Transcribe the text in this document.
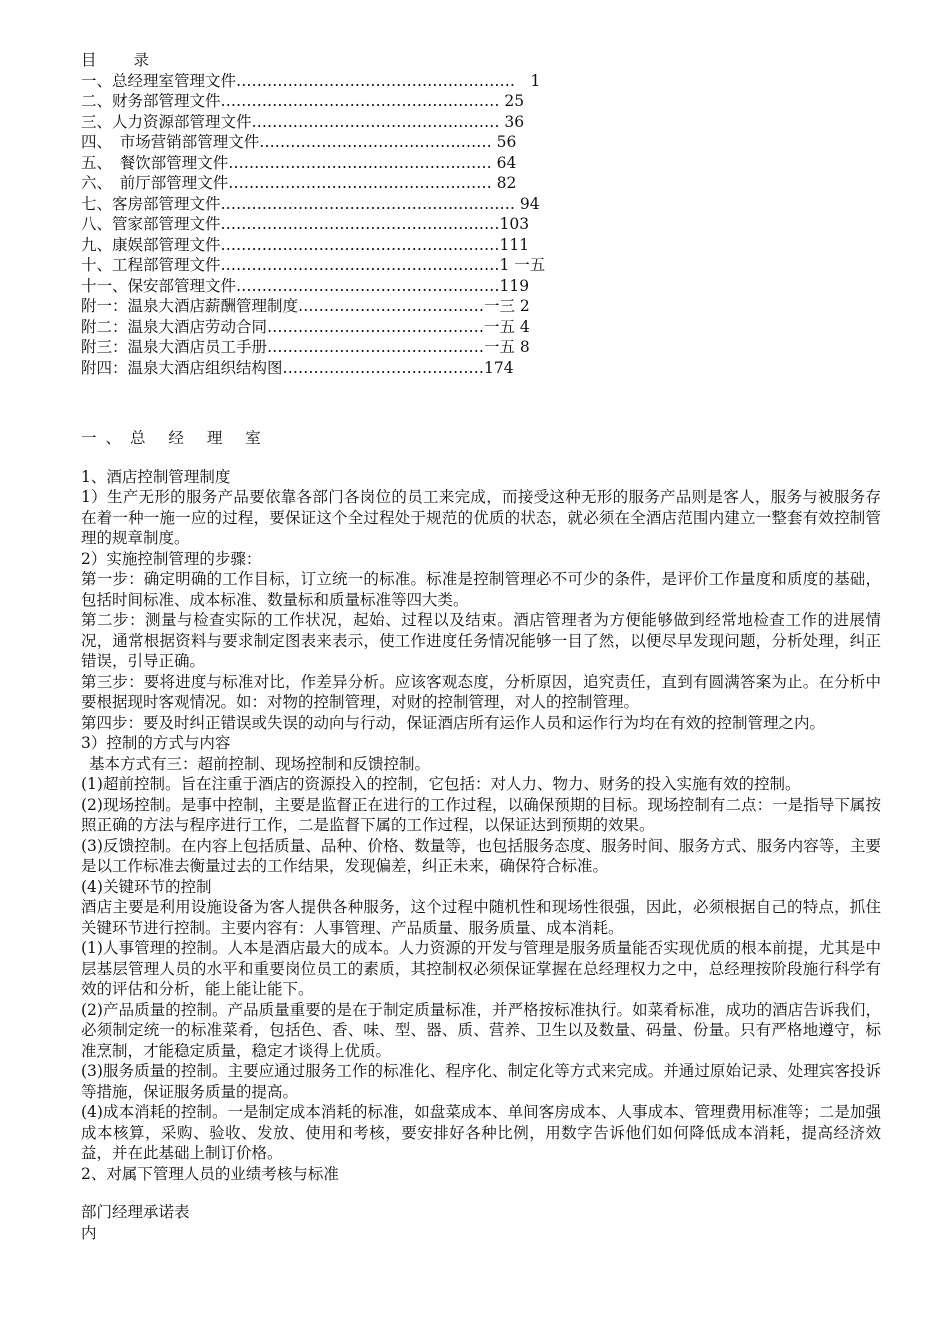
目　　录
一、总经理室管理文件………………………………………………　1
二、财务部管理文件……………………………………………… 25
三、人力资源部管理文件………………………………………… 36
四、　市场营销部管理文件……………………………………… 56
五、　餐饮部管理文件…………………………………………… 64
六、　前厅部管理文件…………………………………………… 82
七、客房部管理文件………………………………………………… 94
八、管家部管理文件………………………………………………103
九、康娱部管理文件………………………………………………111
十、工程部管理文件………………………………………………1 一五
十一、保安部管理文件……………………………………………119
附一：温泉大酒店薪酬管理制度………………………………一三 2
附二：温泉大酒店劳动合同……………………………………一五 4
附三：温泉大酒店员工手册……………………………………一五 8
附四：温泉大酒店组织结构图…………………………………174
一、总 经 理 室

1、酒店控制管理制度

1）生产无形的服务产品要依靠各部门各岗位的员工来完成，而接受这种无形的服务产品则是客人，服务与被服务存在着一种一施一应的过程，要保证这个全过程处于规范的优质的状态，就必须在全酒店范围内建立一整套有效控制管理的规章制度。

2）实施控制管理的步骤：

第一步：确定明确的工作目标，订立统一的标准。标准是控制管理必不可少的条件，是评价工作量度和质度的基础，包括时间标准、成本标准、数量标和质量标准等四大类。

第二步：测量与检查实际的工作状况，起始、过程以及结束。酒店管理者为方便能够做到经常地检查工作的进展情况，通常根据资料与要求制定图表来表示，使工作进度任务情况能够一目了然，以便尽早发现问题，分析处理，纠正错误，引导正确。

第三步：要将进度与标准对比，作差异分析。应该客观态度，分析原因，追究责任，直到有圆满答案为止。在分析中要根据现时客观情况。如：对物的控制管理，对财的控制管理，对人的控制管理。

第四步：要及时纠正错误或失误的动向与行动，保证酒店所有运作人员和运作行为均在有效的控制管理之内。

3）控制的方式与内容

基本方式有三：超前控制、现场控制和反馈控制。

(1)超前控制。旨在注重于酒店的资源投入的控制，它包括：对人力、物力、财务的投入实施有效的控制。

(2)现场控制。是事中控制，主要是监督正在进行的工作过程，以确保预期的目标。现场控制有二点：一是指导下属按照正确的方法与程序进行工作，二是监督下属的工作过程，以保证达到预期的效果。

(3)反馈控制。在内容上包括质量、品种、价格、数量等，也包括服务态度、服务时间、服务方式、服务内容等，主要是以工作标准去衡量过去的工作结果，发现偏差，纠正未来，确保符合标准。

(4)关键环节的控制

酒店主要是利用设施设备为客人提供各种服务，这个过程中随机性和现场性很强，因此，必须根据自己的特点，抓住关键环节进行控制。主要内容有：人事管理、产品质量、服务质量、成本消耗。

(1)人事管理的控制。人本是酒店最大的成本。人力资源的开发与管理是服务质量能否实现优质的根本前提，尤其是中层基层管理人员的水平和重要岗位员工的素质，其控制权必须保证掌握在总经理权力之中，总经理按阶段施行科学有效的评估和分析，能上能让能下。

(2)产品质量的控制。产品质量重要的是在于制定质量标准，并严格按标准执行。如菜肴标准，成功的酒店告诉我们，必须制定统一的标准菜肴，包括色、香、味、型、器、质、营养、卫生以及数量、码量、份量。只有严格地遵守，标准烹制，才能稳定质量，稳定才谈得上优质。

(3)服务质量的控制。主要应通过服务工作的标准化、程序化、制定化等方式来完成。并通过原始记录、处理宾客投诉等措施，保证服务质量的提高。

(4)成本消耗的控制。一是制定成本消耗的标准，如盘菜成本、单间客房成本、人事成本、管理费用标准等；二是加强成本核算，采购、验收、发放、使用和考核，要安排好各种比例，用数字告诉他们如何降低成本消耗，提高经济效益，并在此基础上制订价格。

2、对属下管理人员的业绩考核与标准

部门经理承诺表
内
